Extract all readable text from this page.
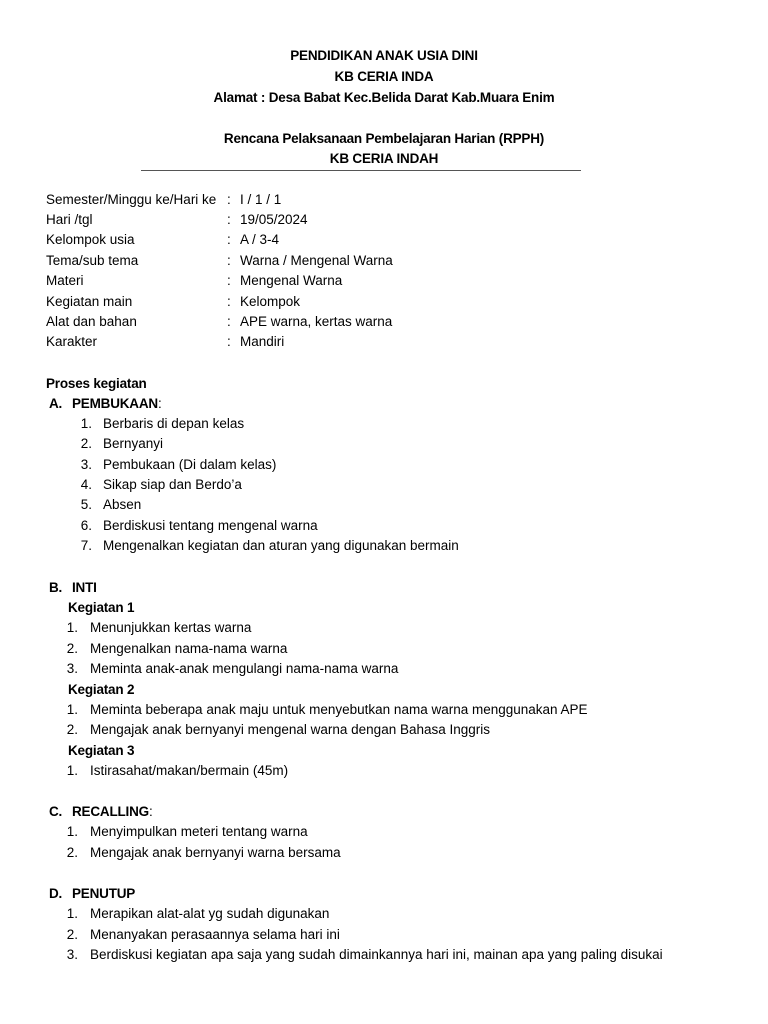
PENDIDIKAN ANAK USIA DINI
KB CERIA INDA
Alamat : Desa Babat Kec.Belida Darat Kab.Muara Enim
Rencana Pelaksanaan Pembelajaran Harian (RPPH)
KB CERIA INDAH
Semester/Minggu ke/Hari ke : I / 1 / 1
Hari /tgl	: 19/05/2024
Kelompok usia	: A / 3-4
Tema/sub tema	: Warna / Mengenal Warna
Materi	: Mengenal Warna
Kegiatan main	: Kelompok
Alat dan bahan	: APE warna, kertas warna
Karakter	: Mandiri
Proses kegiatan
A. PEMBUKAAN:
1. Berbaris di depan kelas
2. Bernyanyi
3. Pembukaan (Di dalam kelas)
4. Sikap siap dan Berdo’a
5. Absen
6. Berdiskusi tentang mengenal warna
7. Mengenalkan kegiatan dan aturan yang digunakan bermain
B. INTI
Kegiatan 1
1. Menunjukkan kertas warna
2. Mengenalkan nama-nama warna
3. Meminta anak-anak mengulangi nama-nama warna
Kegiatan 2
1. Meminta beberapa anak maju untuk menyebutkan nama warna menggunakan APE
2. Mengajak anak bernyanyi mengenal warna dengan Bahasa Inggris
Kegiatan 3
1. Istirasahat/makan/bermain (45m)
C. RECALLING:
1. Menyimpulkan meteri tentang warna
2. Mengajak anak bernyanyi warna bersama
D. PENUTUP
1. Merapikan alat-alat yg sudah digunakan
2. Menanyakan perasaannya selama hari ini
3. Berdiskusi kegiatan apa saja yang sudah dimainkannya hari ini, mainan apa yang paling disukai
